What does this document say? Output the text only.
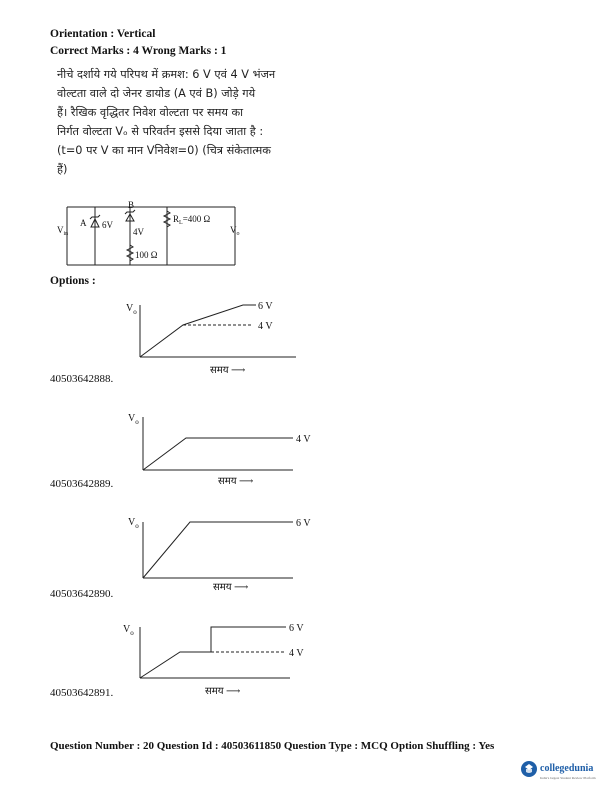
Orientation : Vertical
Correct Marks : 4 Wrong Marks : 1
नीचे दर्शाये गये परिपथ में क्रमश: 6 V एवं 4 V भंजन
वोल्टता वाले दो जेनर डायोड (A एवं B) जोड़े गये
हैं। रैखिक वृद्धितर निवेश वोल्टता पर समय का
निर्गत वोल्टता Vₒ से परिवर्तन इससे दिया जाता है :
(t=0 पर V का मान Vनिवेश=0) (चित्र संकेतात्मक
हैं)
$V_{in}$
A 6V
B
4V
$R_L=400$ Ω
100 Ω
$V_o$
Options :
$V_o$	6 V
4 V
समय ⟶
40503642888.
$V_o$
4 V
समय ⟶
40503642889.
$V_o$	6 V
समय ⟶
40503642890.
$V_o$	6 V
4 V
समय ⟶
40503642891.
Question Number : 20 Question Id : 40503611850 Question Type : MCQ Option Shuffling : Yes
collegedunia
India's largest Student Review Platform
